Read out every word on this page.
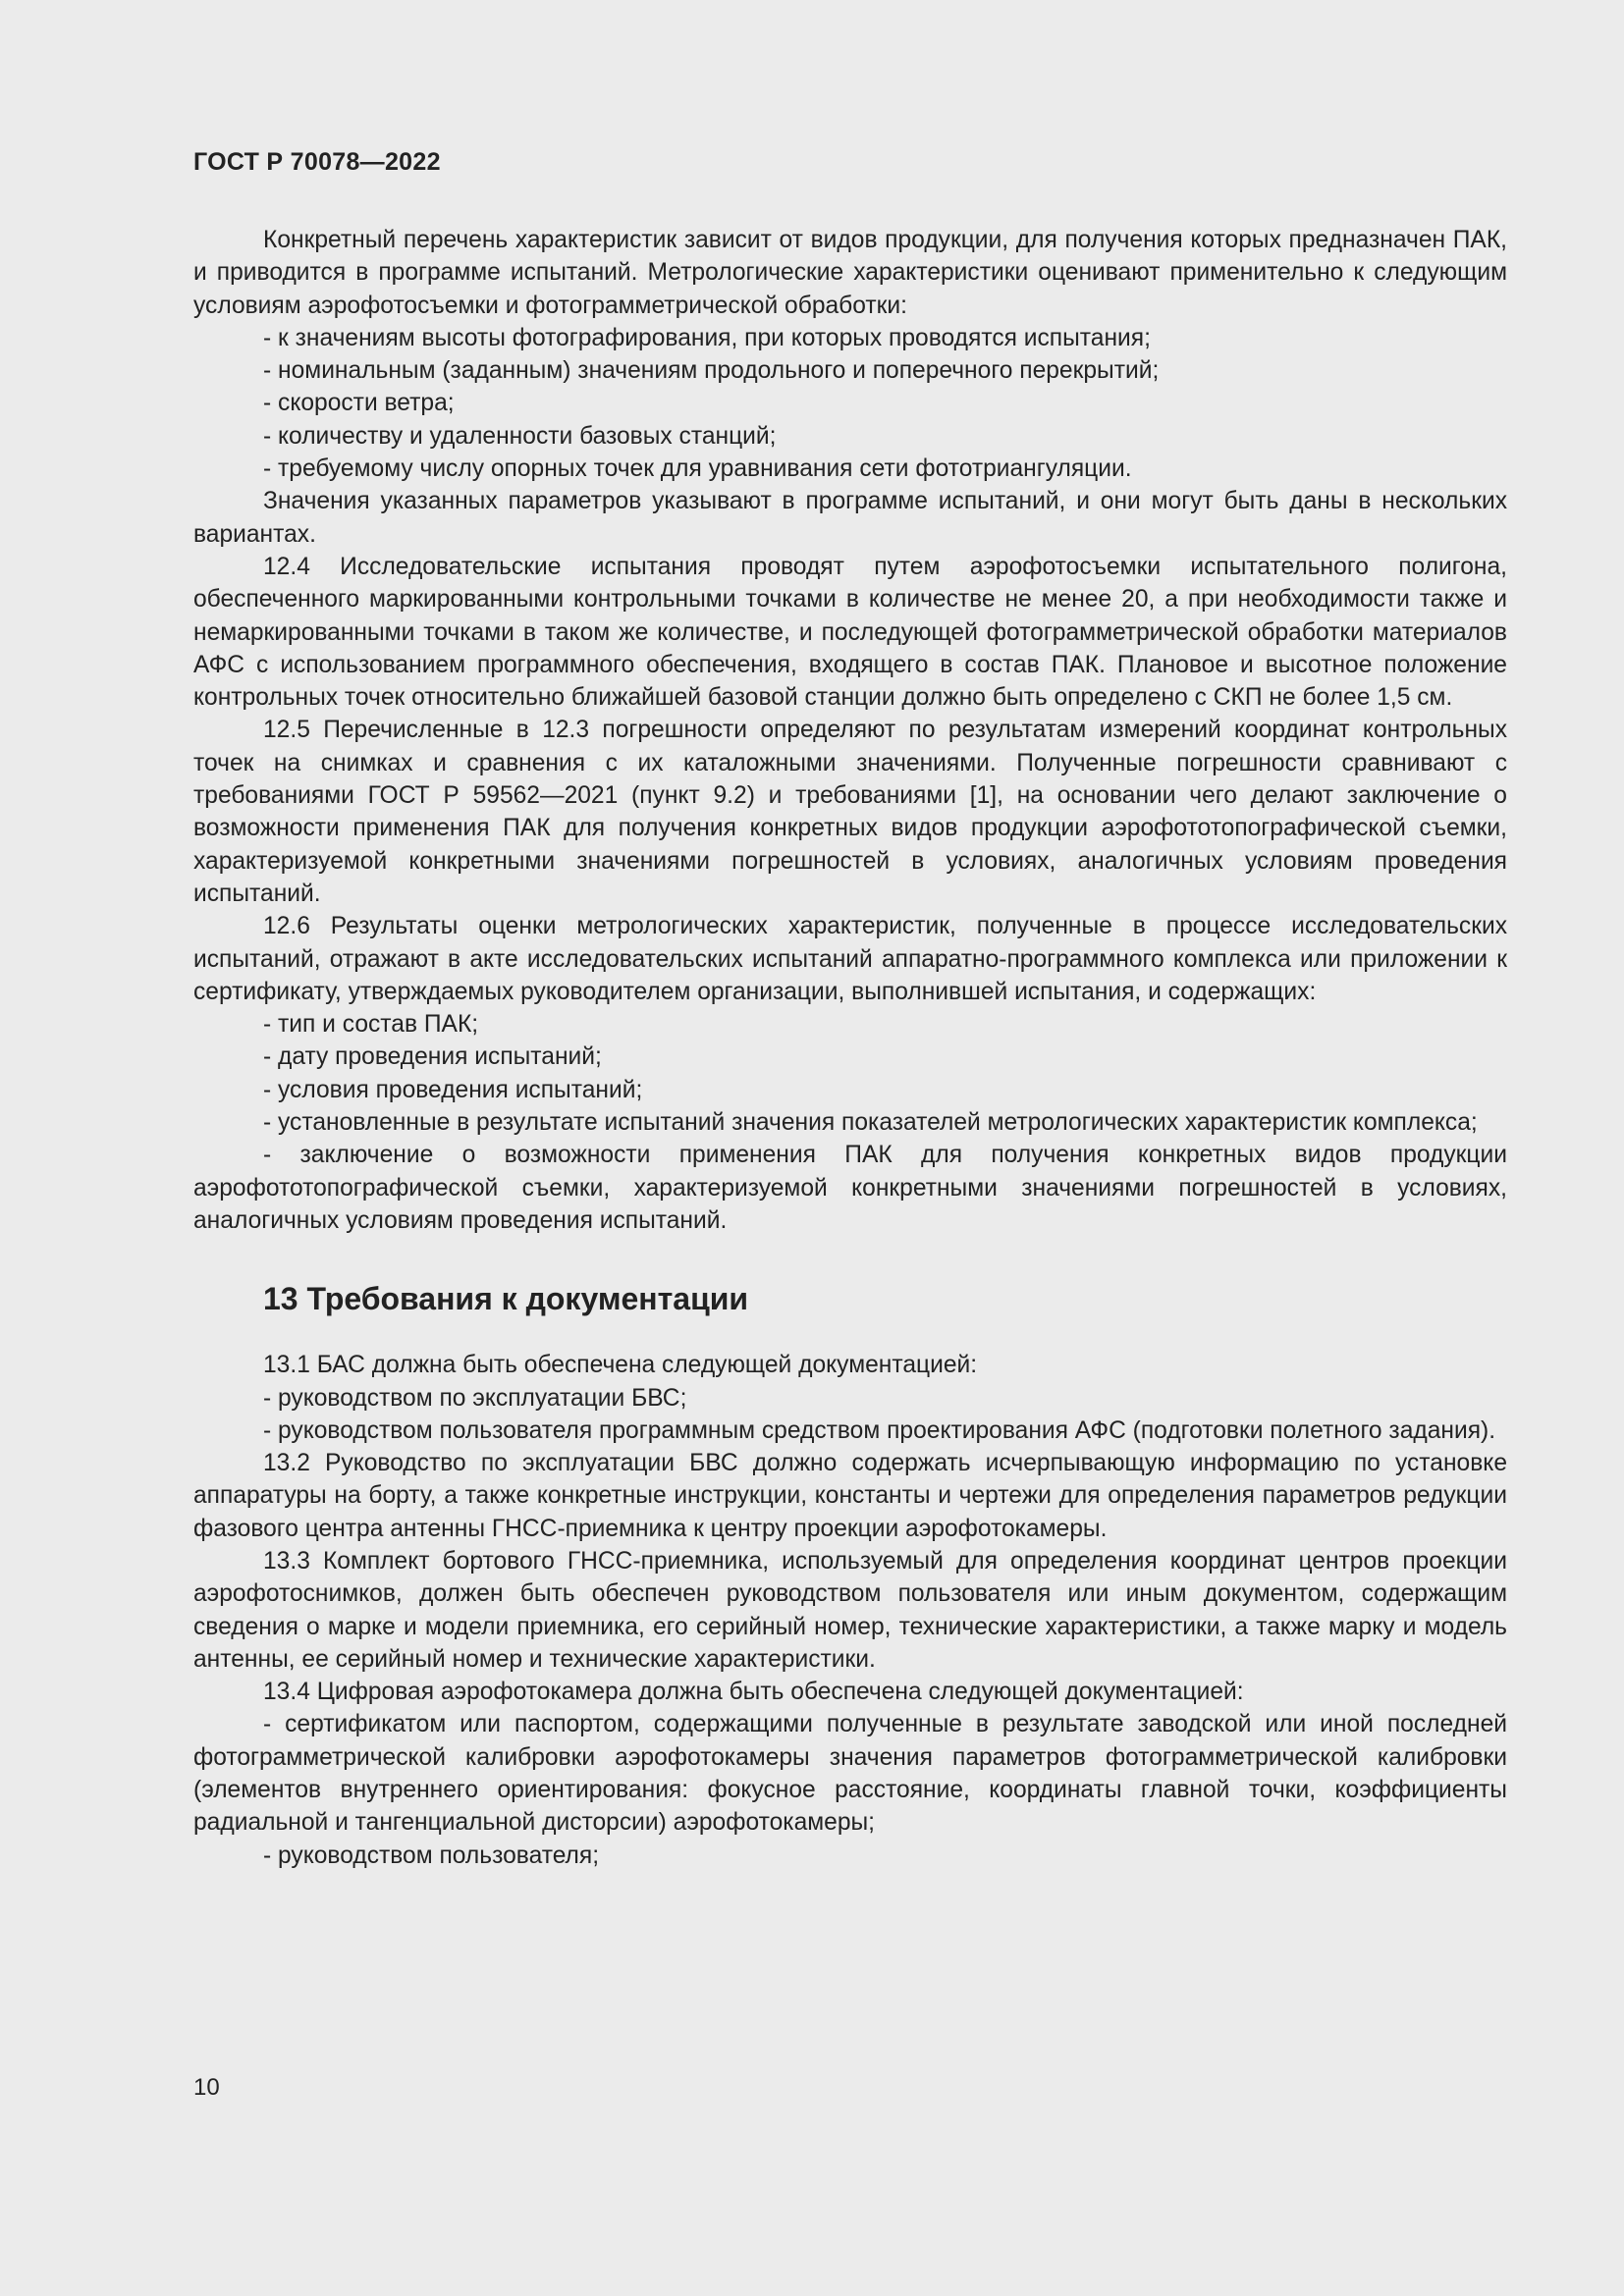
ГОСТ Р 70078—2022

Конкретный перечень характеристик зависит от видов продукции, для получения которых предназначен ПАК, и приводится в программе испытаний. Метрологические характеристики оценивают применительно к следующим условиям аэрофотосъемки и фотограмметрической обработки:

- к значениям высоты фотографирования, при которых проводятся испытания;

- номинальным (заданным) значениям продольного и поперечного перекрытий;

- скорости ветра;

- количеству и удаленности базовых станций;

- требуемому числу опорных точек для уравнивания сети фототриангуляции.

Значения указанных параметров указывают в программе испытаний, и они могут быть даны в нескольких вариантах.

12.4 Исследовательские испытания проводят путем аэрофотосъемки испытательного полигона, обеспеченного маркированными контрольными точками в количестве не менее 20, а при необходимости также и немаркированными точками в таком же количестве, и последующей фотограмметрической обработки материалов АФС с использованием программного обеспечения, входящего в состав ПАК. Плановое и высотное положение контрольных точек относительно ближайшей базовой станции должно быть определено с СКП не более 1,5 см.

12.5 Перечисленные в 12.3 погрешности определяют по результатам измерений координат контрольных точек на снимках и сравнения с их каталожными значениями. Полученные погрешности сравнивают с требованиями ГОСТ Р 59562—2021 (пункт 9.2) и требованиями [1], на основании чего делают заключение о возможности применения ПАК для получения конкретных видов продукции аэрофототопографической съемки, характеризуемой конкретными значениями погрешностей в условиях, аналогичных условиям проведения испытаний.

12.6 Результаты оценки метрологических характеристик, полученные в процессе исследовательских испытаний, отражают в акте исследовательских испытаний аппаратно-программного комплекса или приложении к сертификату, утверждаемых руководителем организации, выполнившей испытания, и содержащих:

- тип и состав ПАК;

- дату проведения испытаний;

- условия проведения испытаний;

- установленные в результате испытаний значения показателей метрологических характеристик комплекса;

- заключение о возможности применения ПАК для получения конкретных видов продукции аэрофототопографической съемки, характеризуемой конкретными значениями погрешностей в условиях, аналогичных условиям проведения испытаний.

13 Требования к документации

13.1 БАС должна быть обеспечена следующей документацией:

- руководством по эксплуатации БВС;

- руководством пользователя программным средством проектирования АФС (подготовки полетного задания).

13.2 Руководство по эксплуатации БВС должно содержать исчерпывающую информацию по установке аппаратуры на борту, а также конкретные инструкции, константы и чертежи для определения параметров редукции фазового центра антенны ГНСС-приемника к центру проекции аэрофотокамеры.

13.3 Комплект бортового ГНСС-приемника, используемый для определения координат центров проекции аэрофотоснимков, должен быть обеспечен руководством пользователя или иным документом, содержащим сведения о марке и модели приемника, его серийный номер, технические характеристики, а также марку и модель антенны, ее серийный номер и технические характеристики.

13.4 Цифровая аэрофотокамера должна быть обеспечена следующей документацией:

- сертификатом или паспортом, содержащими полученные в результате заводской или иной последней фотограмметрической калибровки аэрофотокамеры значения параметров фотограмметрической калибровки (элементов внутреннего ориентирования: фокусное расстояние, координаты главной точки, коэффициенты радиальной и тангенциальной дисторсии) аэрофотокамеры;

- руководством пользователя;

10
